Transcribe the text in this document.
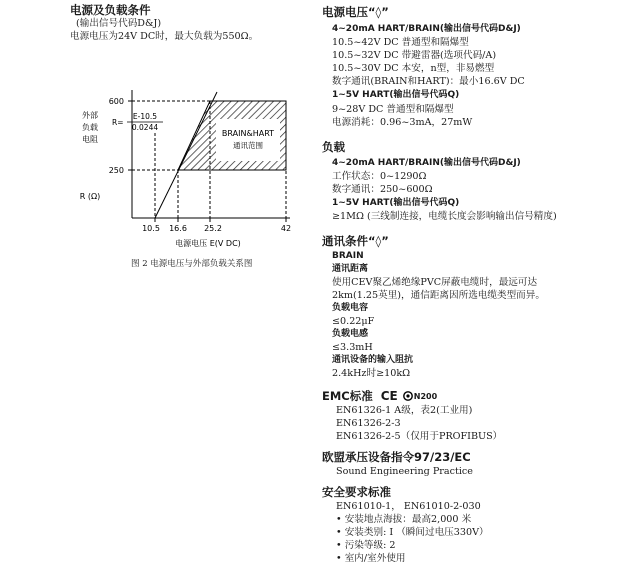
电源及负载条件
(输出信号代码D&J)
电源电压为24V DC时，最大负载为550Ω。
600
250
10.5 16.6 25.2	42
外部
负载
电阻
R (Ω)
R=
E-10.5
0.0244
BRAIN&HART
通讯范围
电源电压 E(V DC)
图 2 电源电压与外部负载关系图
电源电压“◊”
4~20mA HART/BRAIN(输出信号代码D&J)
10.5~42V DC 普通型和隔爆型
10.5~32V DC 带避雷器(选项代码/A)
10.5~30V DC 本安，n型，非易燃型
数字通讯(BRAIN和HART)：最小16.6V DC
1~5V HART(输出信号代码Q)
9~28V DC 普通型和隔爆型
电源消耗：0.96~3mA，27mW
负载
4~20mA HART/BRAIN(输出信号代码D&J)
工作状态：0~1290Ω
数字通讯：250~600Ω
1~5V HART(输出信号代码Q)
≥1MΩ (三线制连接，电缆长度会影响输出信号精度)
通讯条件“◊”
BRAIN
通讯距离
使用CEV聚乙烯绝缘PVC屏蔽电缆时，最远可达
2km(1.25英里)，通信距离因所选电缆类型而异。
负载电容
≤0.22μF
负载电感
≤3.3mH
通讯设备的输入阻抗
2.4kHz时≥10kΩ
EMC标准 CE N200
EN61326-1 A级，表2(工业用)
EN61326-2-3
EN61326-2-5（仅用于PROFIBUS）
欧盟承压设备指令97/23/EC
Sound Engineering Practice
安全要求标准
EN61010-1， EN61010-2-030
• 安装地点海拔：最高2,000 米
• 安装类别: I （瞬间过电压330V）
• 污染等级: 2
• 室内/室外使用
